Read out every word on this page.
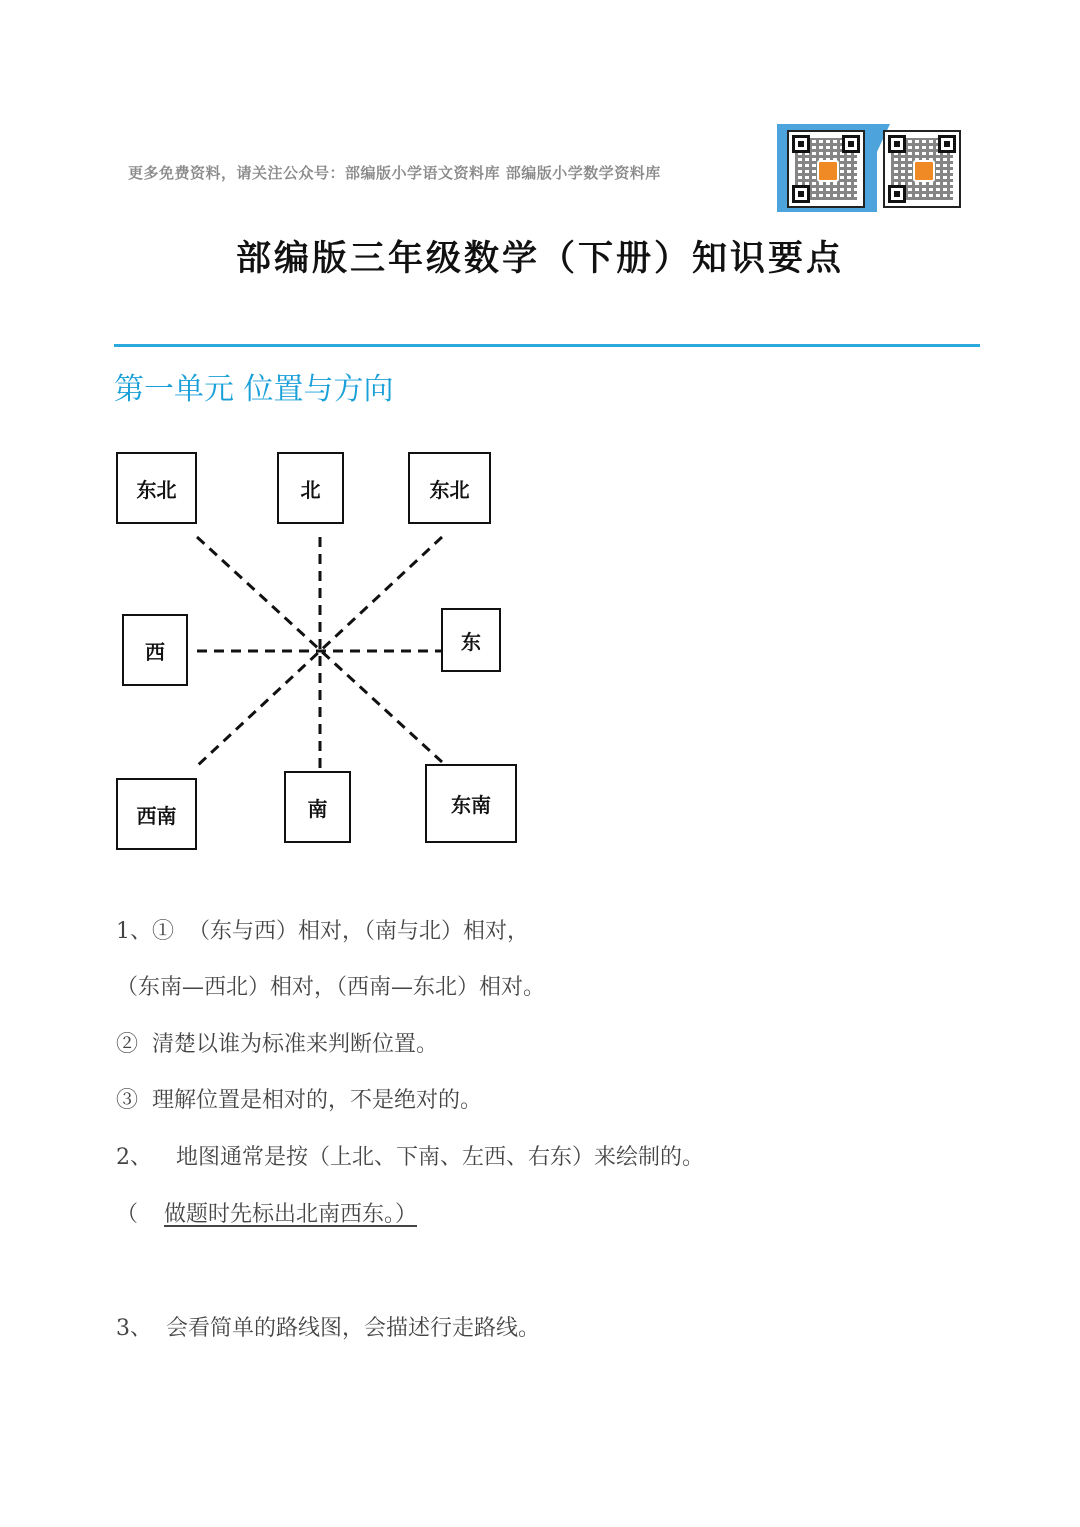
更多免费资料，请关注公众号：部编版小学语文资料库 部编版小学数学资料库
部编版三年级数学（下册）知识要点
第一单元 位置与方向
东北	北	东北
西	东
西南	南	东南
1、①  （东与西）相对，（南与北）相对，
（东南—西北）相对，（西南—东北）相对。
②  清楚以谁为标准来判断位置。
③  理解位置是相对的，不是绝对的。
2、 地图通常是按（上北、下南、左西、右东）来绘制的。
（ 做题时先标出北南西东。）
3、 会看简单的路线图，会描述行走路线。
